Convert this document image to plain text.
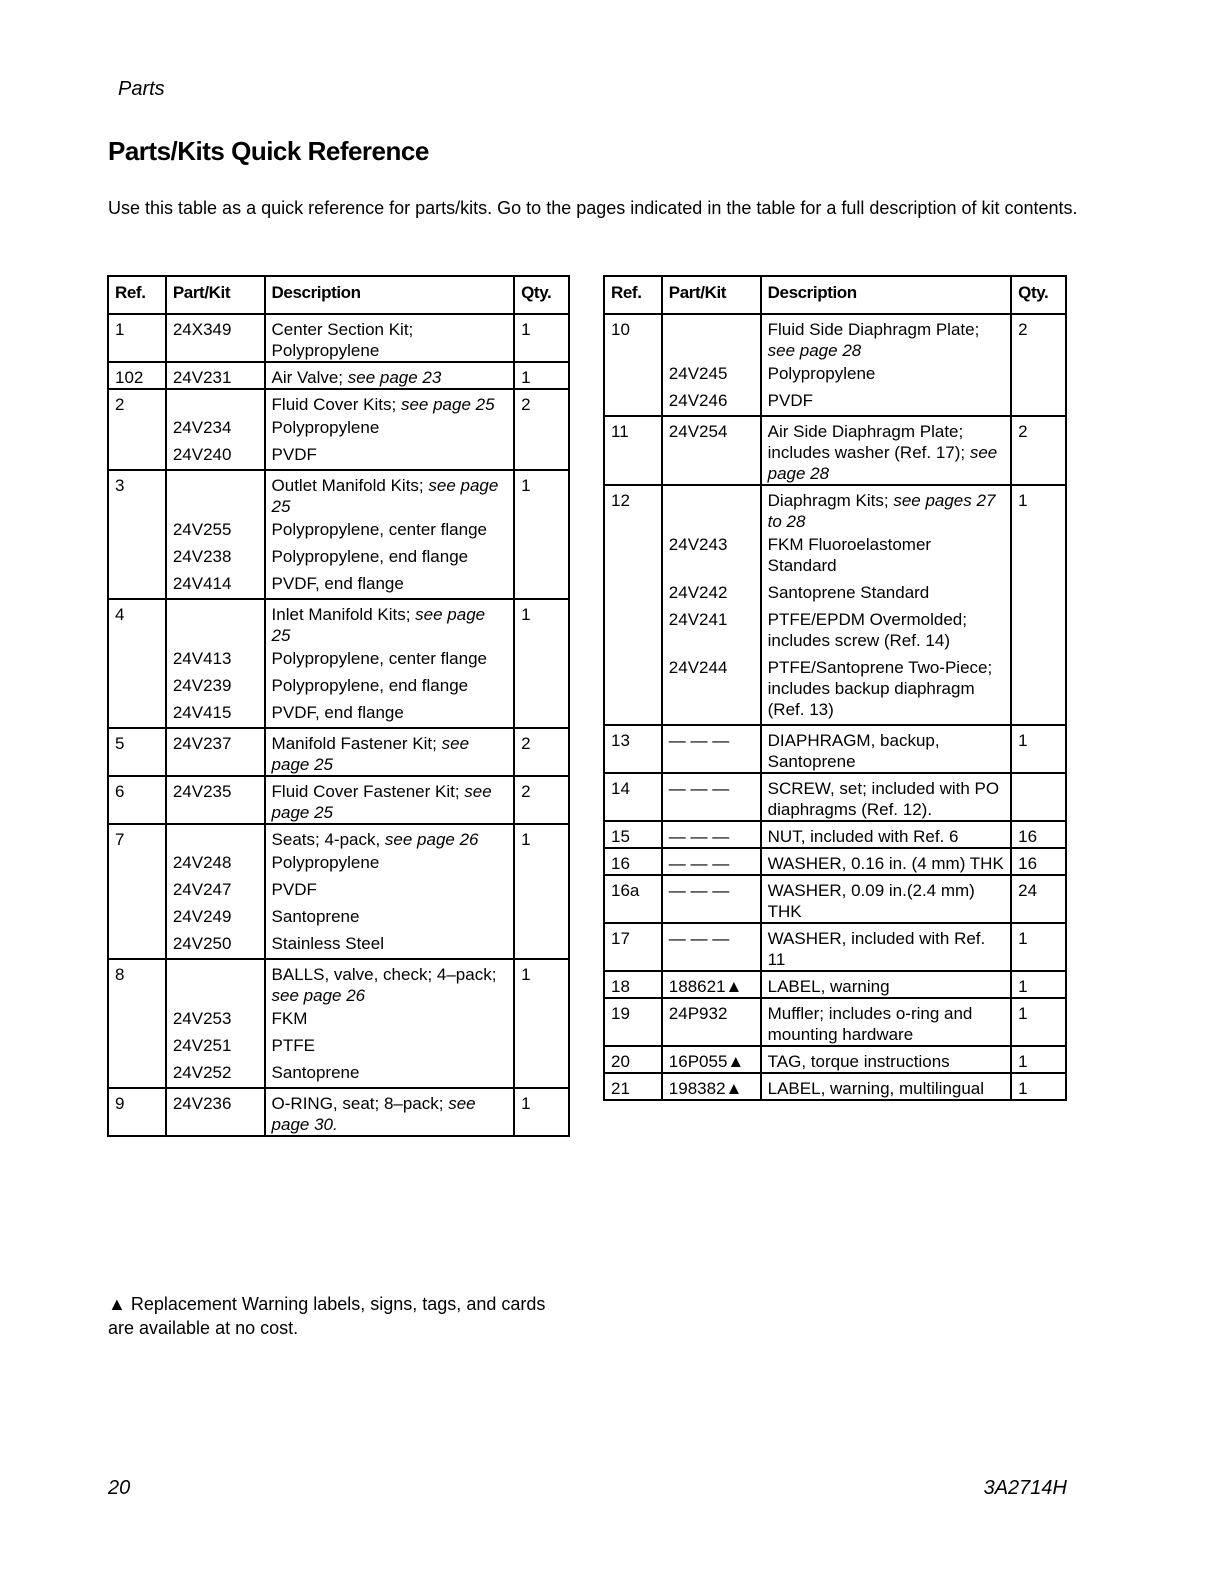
Parts
Parts/Kits Quick Reference

Use this table as a quick reference for parts/kits. Go to the pages indicated in the table for a full description of kit contents.

Ref.	Part/Kit	Description	Qty.
1	24X349	Center Section Kit; Polypropylene	1
102	24V231	Air Valve; see page 23	1
2		Fluid Cover Kits; see page 25	2
	24V234	Polypropylene	
	24V240	PVDF	
3		Outlet Manifold Kits; see page 25	1
	24V255	Polypropylene, center flange	
	24V238	Polypropylene, end flange	
	24V414	PVDF, end flange	
4		Inlet Manifold Kits; see page 25	1
	24V413	Polypropylene, center flange	
	24V239	Polypropylene, end flange	
	24V415	PVDF, end flange	
5	24V237	Manifold Fastener Kit; see page 25	2
6	24V235	Fluid Cover Fastener Kit; see page 25	2
7		Seats; 4-pack, see page 26	1
	24V248	Polypropylene	
	24V247	PVDF	
	24V249	Santoprene	
	24V250	Stainless Steel	
8		BALLS, valve, check; 4–pack; see page 26	1
	24V253	FKM	
	24V251	PTFE	
	24V252	Santoprene	
9	24V236	O-RING, seat; 8–pack; see page 30.	1
Ref.	Part/Kit	Description	Qty.
10		Fluid Side Diaphragm Plate; see page 28	2
	24V245	Polypropylene	
	24V246	PVDF	
11	24V254	Air Side Diaphragm Plate; includes washer (Ref. 17); see page 28	2
12		Diaphragm Kits; see pages 27 to 28	1
	24V243	FKM Fluoroelastomer Standard	
	24V242	Santoprene Standard	
	24V241	PTFE/EPDM Overmolded; includes screw (Ref. 14)	
	24V244	PTFE/Santoprene Two-Piece; includes backup diaphragm (Ref. 13)	
13	— — —	DIAPHRAGM, backup, Santoprene	1
14	— — —	SCREW, set; included with PO diaphragms (Ref. 12).	
15	— — —	NUT, included with Ref. 6	16
16	— — —	WASHER, 0.16 in. (4 mm) THK	16
16a	— — —	WASHER, 0.09 in.(2.4 mm) THK	24
17	— — —	WASHER, included with Ref. 11	1
18	188621▲	LABEL, warning	1
19	24P932	Muffler; includes o-ring and mounting hardware	1
20	16P055▲	TAG, torque instructions	1
21	198382▲	LABEL, warning, multilingual	1

▲ Replacement Warning labels, signs, tags, and cards are available at no cost.

20	3A2714H
